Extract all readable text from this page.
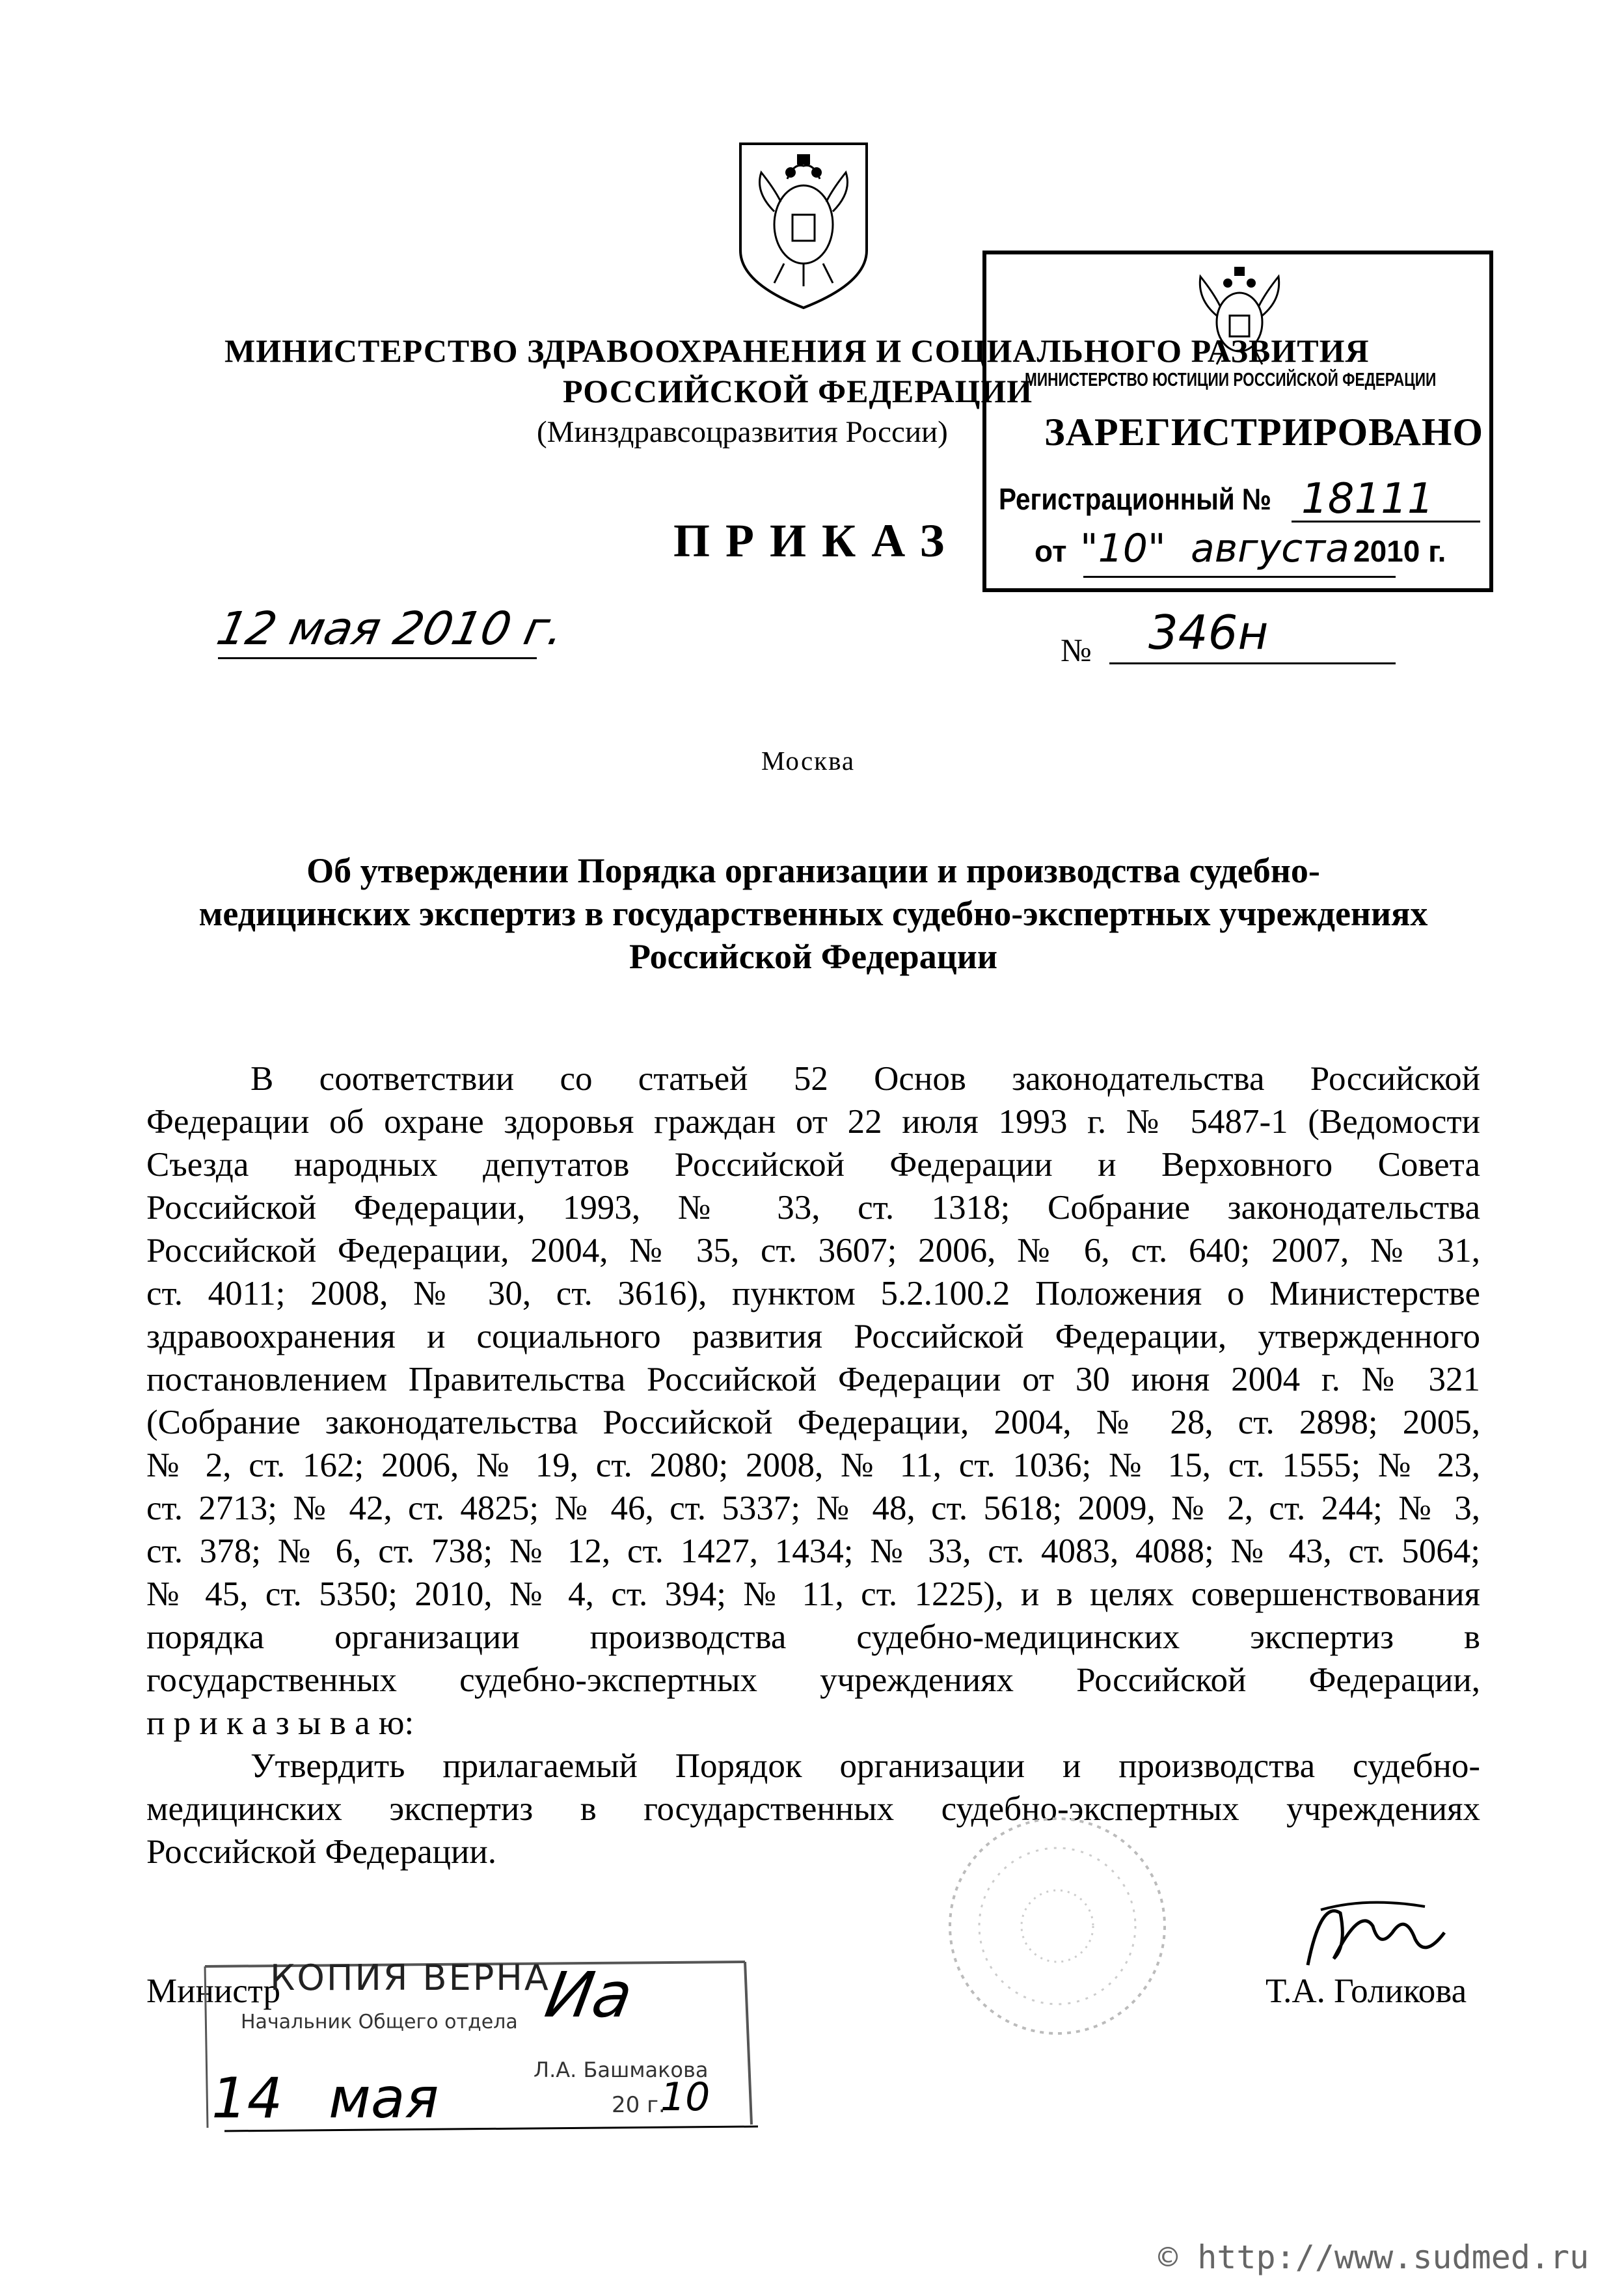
МИНИСТЕРСТВО ЗДРАВООХРАНЕНИЯ И СОЦИАЛЬНОГО РАЗВИТИЯ
РОССИЙСКОЙ ФЕДЕРАЦИИ
(Минздравсоцразвития России)
МИНИСТЕРСТВО ЮСТИЦИИ РОССИЙСКОЙ ФЕДЕРАЦИИ
ЗАРЕГИСТРИРОВАНО
Регистрационный № 18111
от "10" августа 2010 г.
ПРИКАЗ
12 мая 2010 г.	№ 346н
Москва
Об утверждении Порядка организации и производства судебно-
медицинских экспертиз в государственных судебно-экспертных учреждениях
Российской Федерации
В соответствии со статьей 52 Основ законодательства Российской
Федерации об охране здоровья граждан от 22 июля 1993 г. № 5487-1 (Ведомости
Съезда народных депутатов Российской Федерации и Верховного Совета
Российской Федерации, 1993, № 33, ст. 1318; Собрание законодательства
Российской Федерации, 2004, № 35, ст. 3607; 2006, № 6, ст. 640; 2007, № 31,
ст. 4011; 2008, № 30, ст. 3616), пунктом 5.2.100.2 Положения о Министерстве
здравоохранения и социального развития Российской Федерации, утвержденного
постановлением Правительства Российской Федерации от 30 июня 2004 г. № 321
(Собрание законодательства Российской Федерации, 2004, № 28, ст. 2898; 2005,
№ 2, ст. 162; 2006, № 19, ст. 2080; 2008, № 11, ст. 1036; № 15, ст. 1555; № 23,
ст. 2713; № 42, ст. 4825; № 46, ст. 5337; № 48, ст. 5618; 2009, № 2, ст. 244; № 3,
ст. 378; № 6, ст. 738; № 12, ст. 1427, 1434; № 33, ст. 4083, 4088; № 43, ст. 5064;
№ 45, ст. 5350; 2010, № 4, ст. 394; № 11, ст. 1225), и в целях совершенствования
порядка организации производства судебно-медицинских экспертиз в
государственных судебно-экспертных учреждениях Российской Федерации,
п р и к а з ы в а ю:
Утвердить прилагаемый Порядок организации и производства судебно-
медицинских экспертиз в государственных судебно-экспертных учреждениях
Российской Федерации.
Министр	Т.А. Голикова
КОПИЯ ВЕРНА
Начальник Общего отдела
Л.А. Башмакова
20 г.
Иа
14 мая	10
© http://www.sudmed.ru
